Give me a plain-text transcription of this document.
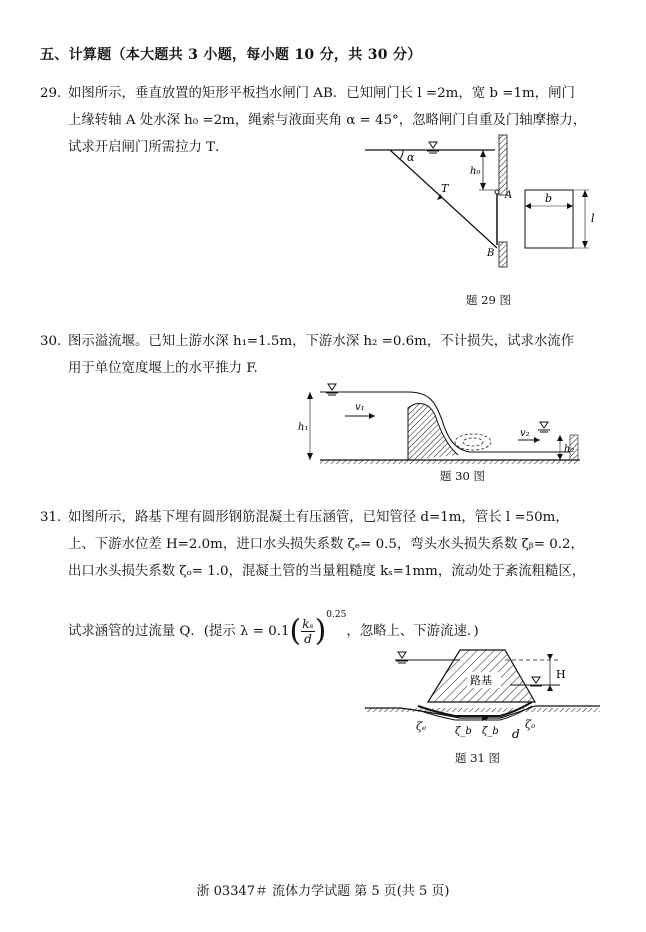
五、计算题（本大题共 3 小题，每小题 10 分，共 30 分）
29. 如图所示，垂直放置的矩形平板挡水闸门 AB．已知闸门长 l =2m，宽 b =1m，闸门
上缘转轴 A 处水深 h₀ =2m，绳索与液面夹角 α = 45°，忽略闸门自重及门轴摩擦力，
试求开启闸门所需拉力 T．
α
h₀
T
A
B
b
l
题 29 图
30. 图示溢流堰。已知上游水深 h₁=1.5m，下游水深 h₂ =0.6m，不计损失，试求水流作
用于单位宽度堰上的水平推力 F.
h₁
v₁
v₂
h₂
题 30 图
31. 如图所示，路基下埋有圆形钢筋混凝土有压涵管，已知管径 d=1m，管长 l =50m，
上、下游水位差 H=2.0m，进口水头损失系数 ζₑ= 0.5，弯头水头损失系数 ζᵦ= 0.2，
出口水头损失系数 ζₒ= 1.0，混凝土管的当量粗糙度 kₛ=1mm，流动处于紊流粗糙区，
试求涵管的过流量 Q．(提示 $\lambda = 0.1( \frac{\text{kₛ}}{d} )^{0.25}$，忽略上、下游流速．)
路基	H
ζₑ	ζ_b ζ_b
ζₒ
d
题 31 图
浙 03347＃ 流体力学试题 第 5 页(共 5 页)
